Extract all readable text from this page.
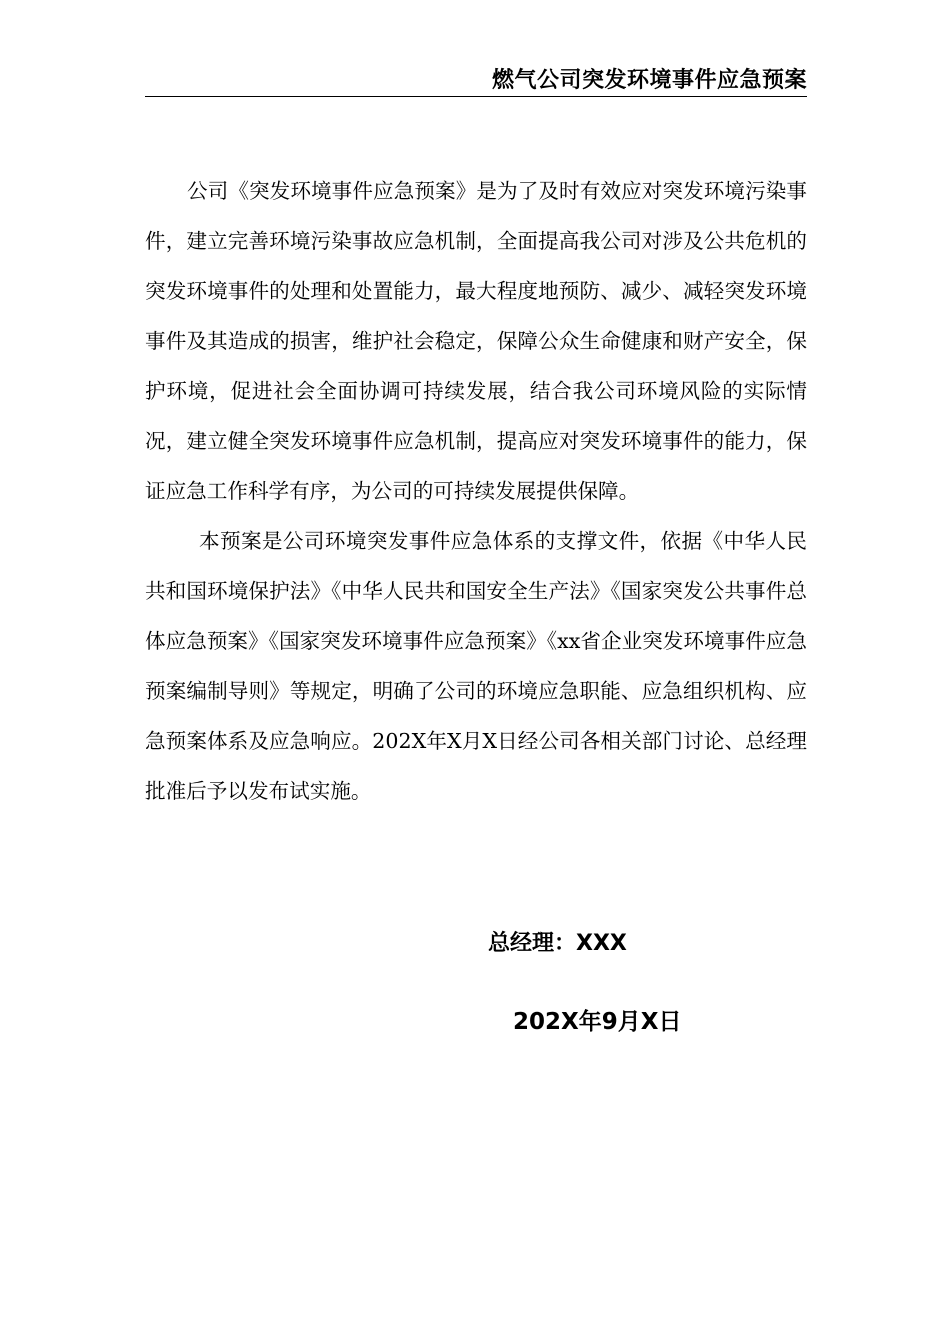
燃气公司突发环境事件应急预案

公司《突发环境事件应急预案》是为了及时有效应对突发环境污染事件，建立完善环境污染事故应急机制，全面提高我公司对涉及公共危机的突发环境事件的处理和处置能力，最大程度地预防、减少、减轻突发环境事件及其造成的损害，维护社会稳定，保障公众生命健康和财产安全，保护环境，促进社会全面协调可持续发展，结合我公司环境风险的实际情况，建立健全突发环境事件应急机制，提高应对突发环境事件的能力，保证应急工作科学有序，为公司的可持续发展提供保障。

本预案是公司环境突发事件应急体系的支撑文件，依据《中华人民共和国环境保护法》《中华人民共和国安全生产法》《国家突发公共事件总体应急预案》《国家突发环境事件应急预案》《xx省企业突发环境事件应急预案编制导则》等规定，明确了公司的环境应急职能、应急组织机构、应急预案体系及应急响应。202X年X月X日经公司各相关部门讨论、总经理批准后予以发布试实施。

总经理：XXX
202X年9月X日
